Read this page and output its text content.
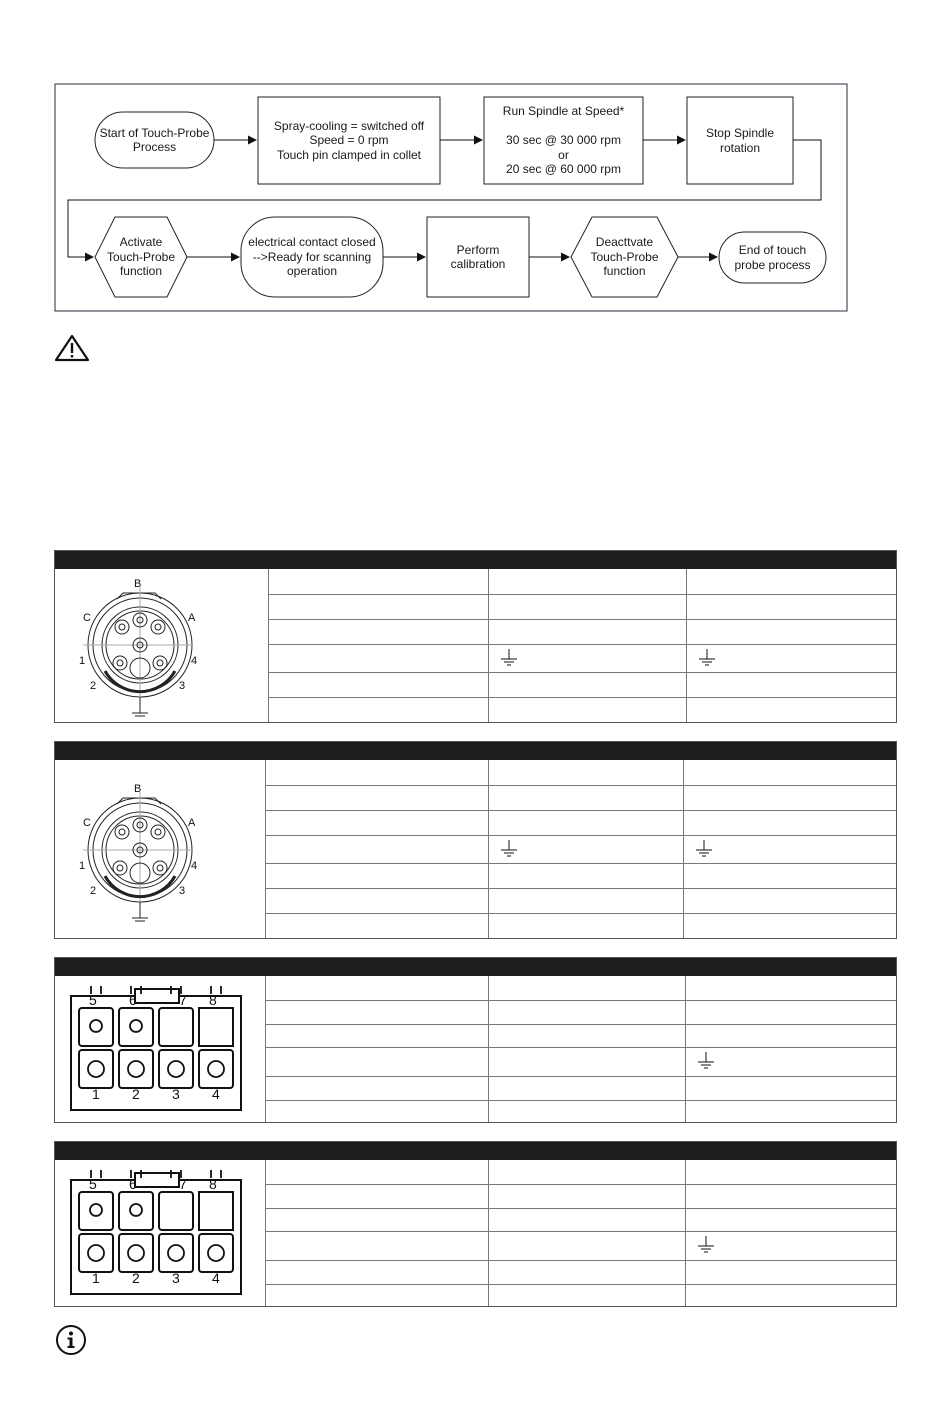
Start of Touch-Probe
Process
Spray-cooling = switched off
Speed = 0 rpm
Touch pin clamped in collet
Run Spindle at Speed*

30 sec @ 30 000 rpm
or
20 sec @ 60 000 rpm
Stop Spindle
rotation
Activate
Touch-Probe
function
electrical contact closed
-->Ready for scanning
operation
Perform
calibration
Deacttvate
Touch-Probe
function
End of touch
probe process
B
C	A
1	4
2	3
B
C	A
1	4
2	3
5 6	7 8
1 2 3 4
5 6	7 8
1 2 3 4
